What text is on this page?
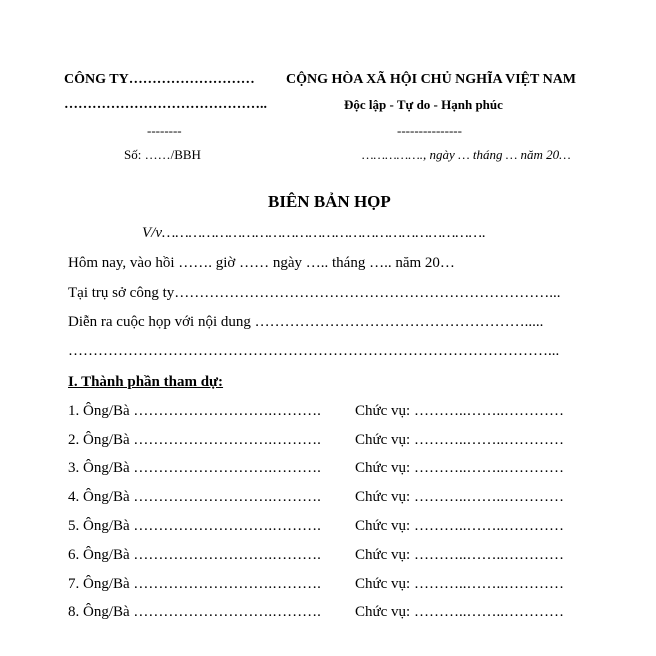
CÔNG TY………………………
……………………………………..
--------
Số: ……/BBH
CỘNG HÒA XÃ HỘI CHỦ NGHĨA VIỆT NAM
Độc lập - Tự do - Hạnh phúc
---------------
……………., ngày … tháng … năm 20…
BIÊN BẢN HỌP
V/v……………………………………………………………….
Hôm nay, vào hồi ……. giờ …… ngày ….. tháng ….. năm 20…
Tại trụ sở công ty…………………………………………………………………...
Diễn ra cuộc họp với nội dung ……………………………………………….....
……………………………………………………………………………………...
I. Thành phần tham dự:
1. Ông/Bà ……………………….………. Chức vụ: ………..……..…………
2. Ông/Bà ……………………….………. Chức vụ: ………..……..…………
3. Ông/Bà ……………………….………. Chức vụ: ………..……..…………
4. Ông/Bà ……………………….………. Chức vụ: ………..……..…………
5. Ông/Bà ……………………….………. Chức vụ: ………..……..…………
6. Ông/Bà ……………………….………. Chức vụ: ………..……..…………
7. Ông/Bà ……………………….………. Chức vụ: ………..……..…………
8. Ông/Bà ……………………….………. Chức vụ: ………..……..…………
